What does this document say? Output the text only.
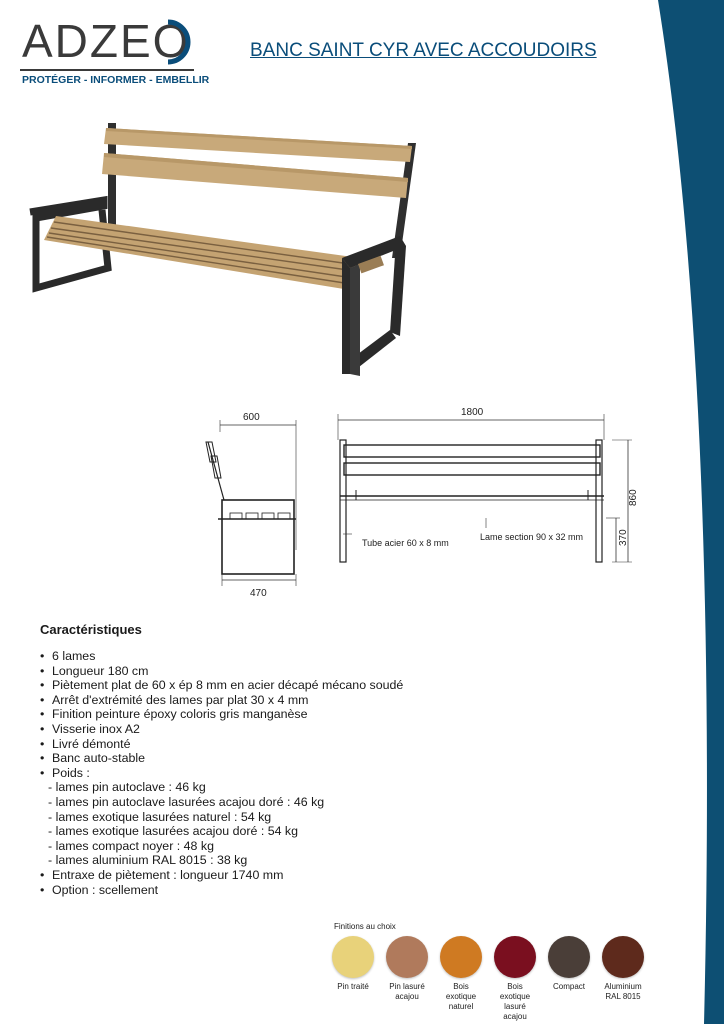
ADZEO
PROTÉGER - INFORMER - EMBELLIR
BANC SAINT CYR AVEC ACCOUDOIRS
600
470
1800
860
370
Tube acier 60 x 8 mm
Lame section 90 x 32 mm
Caractéristiques
• 6 lames
• Longueur 180 cm
• Piètement plat de 60 x ép 8 mm en acier décapé mécano soudé
• Arrêt d'extrémité des lames par plat 30 x 4 mm
• Finition peinture époxy coloris gris manganèse
• Visserie inox A2
• Livré démonté
• Banc auto-stable
• Poids :
- lames pin autoclave : 46 kg
- lames pin autoclave lasurées acajou doré : 46 kg
- lames exotique lasurées naturel : 54 kg
- lames exotique lasurées acajou doré : 54 kg
- lames compact noyer : 48 kg
- lames aluminium RAL 8015 : 38 kg
• Entraxe de piètement : longueur 1740 mm
• Option : scellement
Finitions au choix
Pin traité	Pin lasuré
acajou
Bois exotique
naturel
Bois exotique
lasuré acajou
Compact Aluminium
RAL 8015
